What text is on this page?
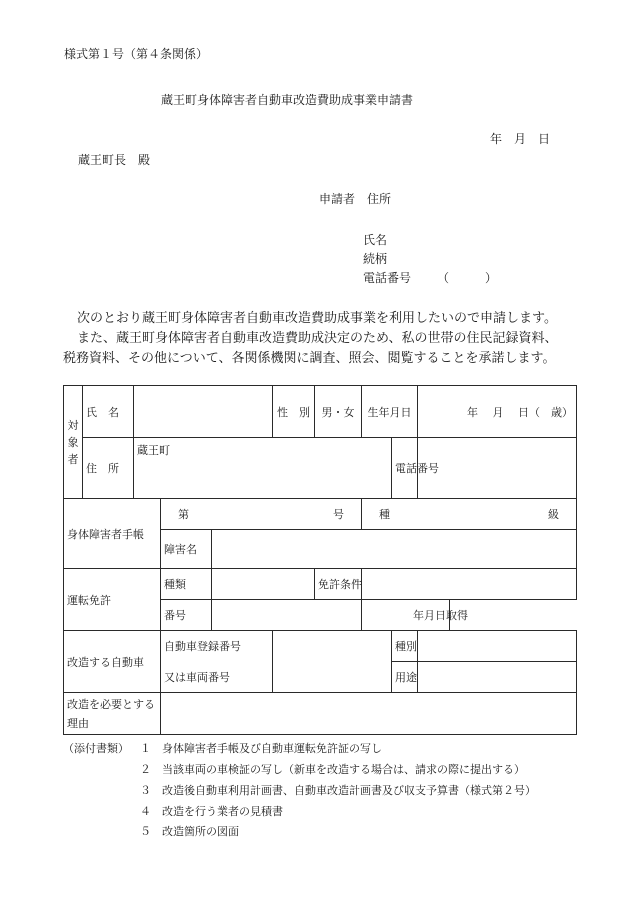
様式第１号（第４条関係）
蔵王町身体障害者自動車改造費助成事業申請書
年　月　日
蔵王町長　殿
申請者　住所
氏名
続柄
電話番号 （　　　）
次のとおり蔵王町身体障害者自動車改造費助成事業を利用したいので申請します。
また、蔵王町身体障害者自動車改造費助成決定のため、私の世帯の住民記録資料、
税務資料、その他について、各関係機関に調査、照会、閲覧することを承諾します。
対象者	氏　名				性　別	男・女	生年月日		年　 月　 日（　歳）
	住　所	蔵王町						電話番号	
身体障害者手帳			第 号				種 級		

			障害名						
運転免許			種類			免許条件			
			番号				年 月 日取得		

改造する自動車			自動車登録番号					種別	
			又は車両番号					用途	
改造を必要とする理由									
（添付書類） １　身体障害者手帳及び自動車運転免許証の写し
２　当該車両の車検証の写し（新車を改造する場合は、請求の際に提出する）
３　改造後自動車利用計画書、自動車改造計画書及び収支予算書（様式第２号）
４　改造を行う業者の見積書
５　改造箇所の図面
